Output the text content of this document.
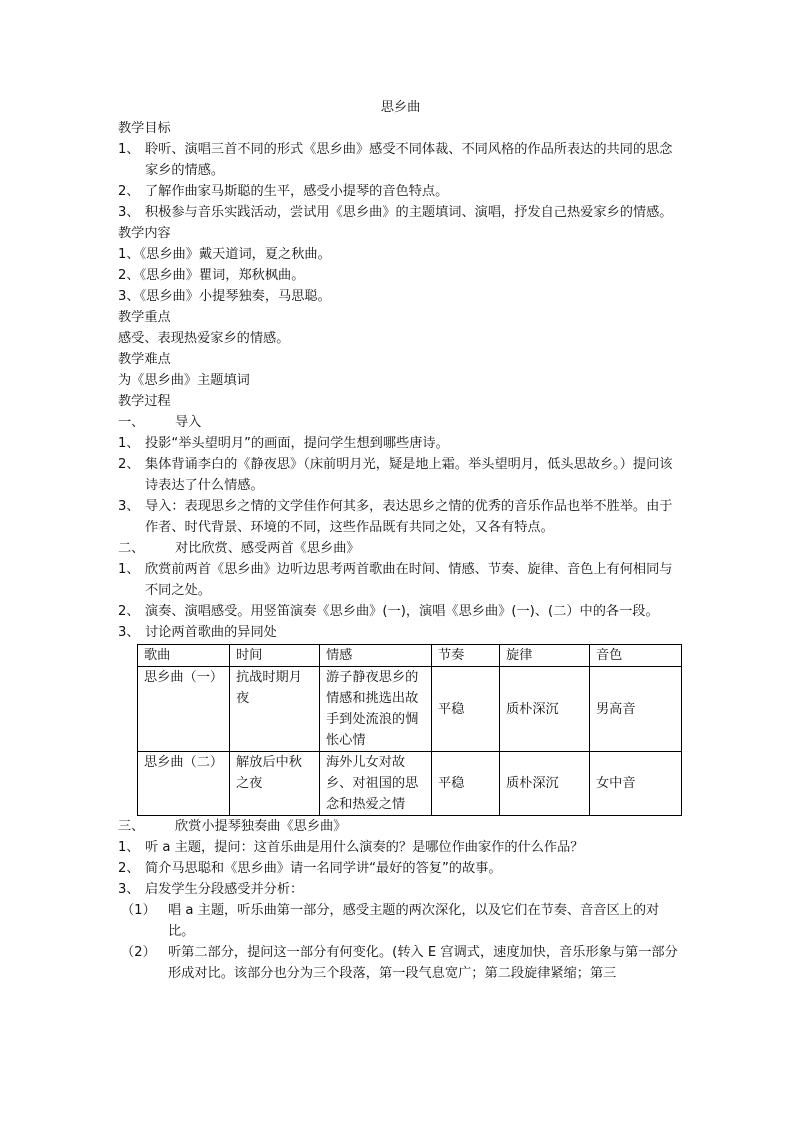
思乡曲
教学目标
1、 聆听、演唱三首不同的形式《思乡曲》感受不同体裁、不同风格的作品所表达的共同的思念家乡的情感。
2、 了解作曲家马斯聪的生平，感受小提琴的音色特点。
3、 积极参与音乐实践活动，尝试用《思乡曲》的主题填词、演唱，抒发自己热爱家乡的情感。
教学内容
1、《思乡曲》戴天道词，夏之秋曲。
2、《思乡曲》瞿词，郑秋枫曲。
3、《思乡曲》小提琴独奏，马思聪。
教学重点
感受、表现热爱家乡的情感。
教学难点
为《思乡曲》主题填词
教学过程
一、	导入
1、 投影“举头望明月”的画面，提问学生想到哪些唐诗。
2、 集体背诵李白的《静夜思》（床前明月光，疑是地上霜。举头望明月，低头思故乡。）提问该诗表达了什么情感。
3、 导入：表现思乡之情的文学佳作何其多，表达思乡之情的优秀的音乐作品也举不胜举。由于作者、时代背景、环境的不同，这些作品既有共同之处，又各有特点。
二、	对比欣赏、感受两首《思乡曲》
1、 欣赏前两首《思乡曲》边听边思考两首歌曲在时间、情感、节奏、旋律、音色上有何相同与不同之处。
2、 演奏、演唱感受。用竖笛演奏《思乡曲》(一)，演唱《思乡曲》(一)、(二）中的各一段。
3、 讨论两首歌曲的异同处
歌曲	时间	情感	节奏	旋律	音色
思乡曲（一）	抗战时期月夜	游子静夜思乡的情感和挑选出故手到处流浪的惆怅心情	平稳	质朴深沉	男高音
思乡曲（二）	解放后中秋之夜	海外儿女对故乡、对祖国的思念和热爱之情	平稳	质朴深沉	女中音
三、	欣赏小提琴独奏曲《思乡曲》
1、 听 a 主题，提问：这首乐曲是用什么演奏的？是哪位作曲家作的什么作品？
2、 简介马思聪和《思乡曲》请一名同学讲“最好的答复”的故事。
3、 启发学生分段感受并分析：
（1） 唱 a 主题，听乐曲第一部分，感受主题的两次深化，以及它们在节奏、音音区上的对比。
（2） 听第二部分，提问这一部分有何变化。(转入 E 宫调式，速度加快，音乐形象与第一部分形成对比。该部分也分为三个段落，第一段气息宽广；第二段旋律紧缩；第三
